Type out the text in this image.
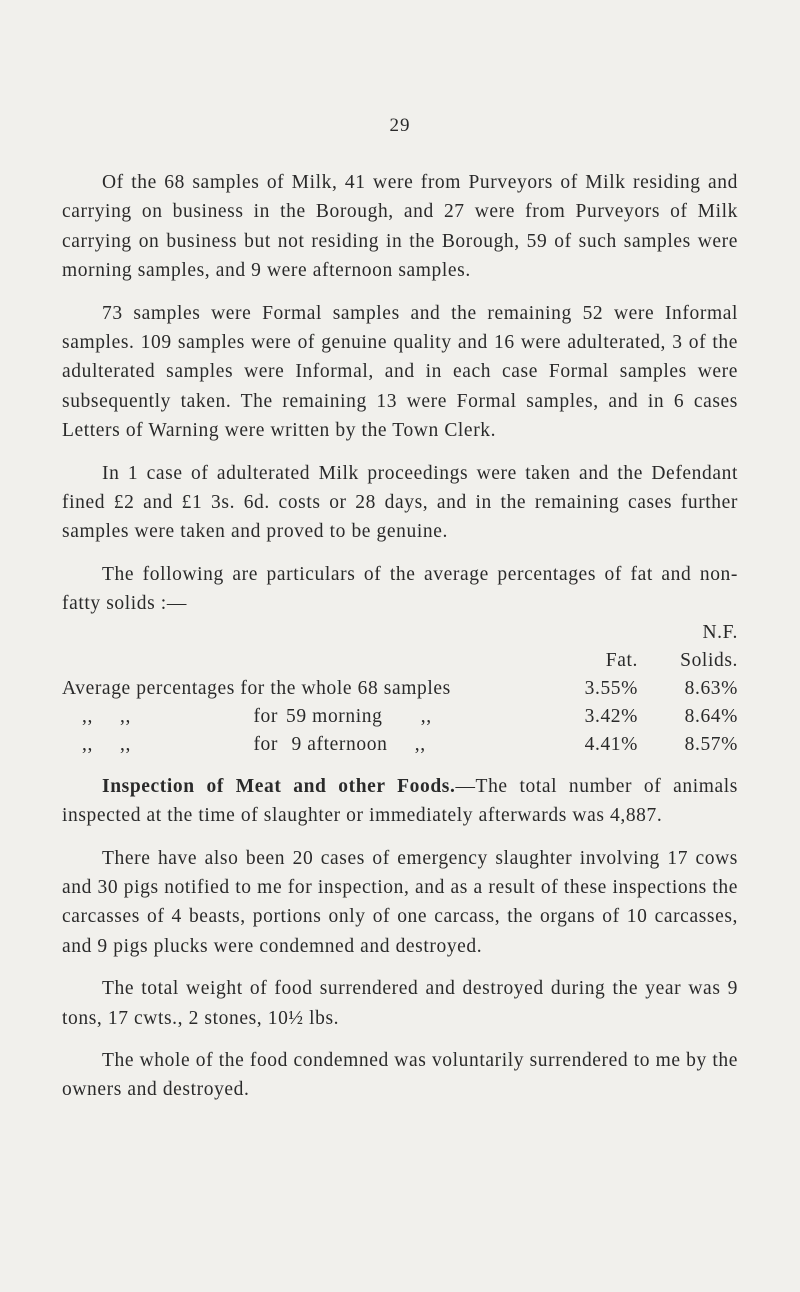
29

Of the 68 samples of Milk, 41 were from Purveyors of Milk residing and carrying on business in the Borough, and 27 were from Purveyors of Milk carrying on business but not residing in the Borough, 59 of such samples were morning samples, and 9 were afternoon samples.

73 samples were Formal samples and the remaining 52 were Informal samples. 109 samples were of genuine quality and 16 were adulterated, 3 of the adulterated samples were Informal, and in each case Formal samples were subsequently taken. The remaining 13 were Formal samples, and in 6 cases Letters of Warning were written by the Town Clerk.

In 1 case of adulterated Milk proceedings were taken and the Defendant fined £2 and £1 3s. 6d. costs or 28 days, and in the remaining cases further samples were taken and proved to be genuine.

The following are particulars of the average percentages of fat and non-fatty solids :—

N.F.
Fat.	Solids.
Average percentages for the whole 68 samples	3.55%	8.63%
,,	,,	for 59 morning       ,,	3.42%	8.64%
,,	,,	for 9 afternoon     ,,	4.41%	8.57%

Inspection of Meat and other Foods.—The total number of animals inspected at the time of slaughter or immediately afterwards was 4,887.

There have also been 20 cases of emergency slaughter involving 17 cows and 30 pigs notified to me for inspection, and as a result of these inspections the carcasses of 4 beasts, portions only of one carcass, the organs of 10 carcasses, and 9 pigs plucks were condemned and destroyed.

The total weight of food surrendered and destroyed during the year was 9 tons, 17 cwts., 2 stones, 10½ lbs.

The whole of the food condemned was voluntarily surrendered to me by the owners and destroyed.
